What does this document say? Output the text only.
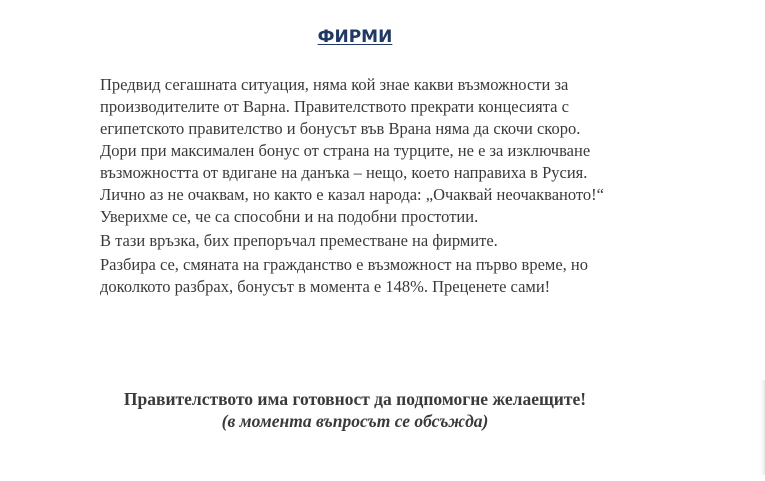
ФИРМИ

Предвид сегашната ситуация, няма кой знае какви възможности за производителите от Варна. Правителството прекрати концесията с египетското правителство и бонусът във Врана няма да скочи скоро. Дори при максимален бонус от страна на турците, не е за изключване възможността от вдигане на данъка – нещо, което направиха в Русия. Лично аз не очаквам, но както е казал народа: „Очаквай неочакваното!“ Уверихме се, че са способни и на подобни простотии.

В тази връзка, бих препоръчал преместване на фирмите.

Разбира се, смяната на гражданство е възможност на първо време, но доколкото разбрах, бонусът в момента е 148%. Преценете сами!

Правителството има готовност да подпомогне желаещите!
(в момента въпросът се обсъжда)
